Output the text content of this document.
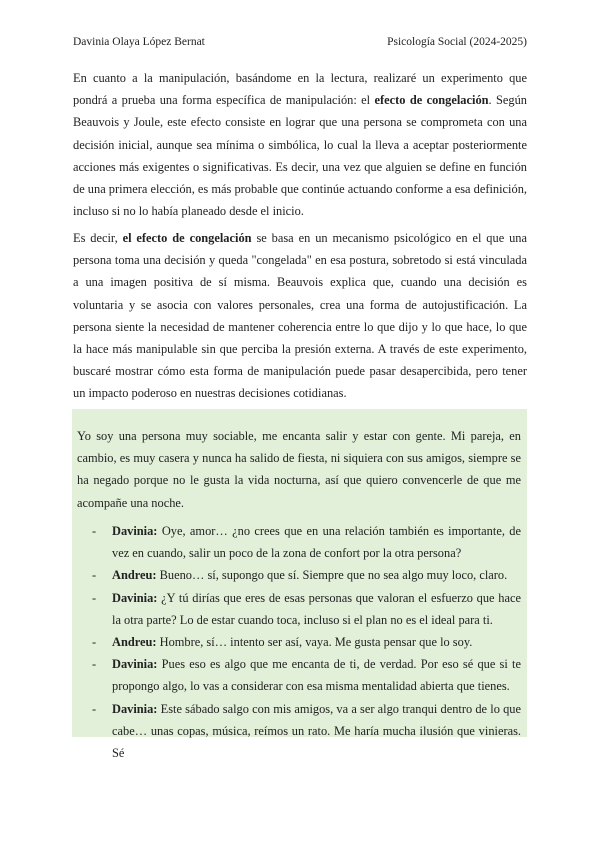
Davinia Olaya López Bernat	Psicología Social (2024-2025)

En cuanto a la manipulación, basándome en la lectura, realizaré un experimento que pondrá a prueba una forma específica de manipulación: el efecto de congelación. Según Beauvois y Joule, este efecto consiste en lograr que una persona se comprometa con una decisión inicial, aunque sea mínima o simbólica, lo cual la lleva a aceptar posteriormente acciones más exigentes o significativas. Es decir, una vez que alguien se define en función de una primera elección, es más probable que continúe actuando conforme a esa definición, incluso si no lo había planeado desde el inicio.

Es decir, el efecto de congelación se basa en un mecanismo psicológico en el que una persona toma una decisión y queda "congelada" en esa postura, sobretodo si está vinculada a una imagen positiva de sí misma. Beauvois explica que, cuando una decisión es voluntaria y se asocia con valores personales, crea una forma de autojustificación. La persona siente la necesidad de mantener coherencia entre lo que dijo y lo que hace, lo que la hace más manipulable sin que perciba la presión externa. A través de este experimento, buscaré mostrar cómo esta forma de manipulación puede pasar desapercibida, pero tener un impacto poderoso en nuestras decisiones cotidianas.

Yo soy una persona muy sociable, me encanta salir y estar con gente. Mi pareja, en cambio, es muy casera y nunca ha salido de fiesta, ni siquiera con sus amigos, siempre se ha negado porque no le gusta la vida nocturna, así que quiero convencerle de que me acompañe una noche.

- Davinia: Oye, amor… ¿no crees que en una relación también es importante, de vez en cuando, salir un poco de la zona de confort por la otra persona?
- Andreu: Bueno… sí, supongo que sí. Siempre que no sea algo muy loco, claro.
- Davinia: ¿Y tú dirías que eres de esas personas que valoran el esfuerzo que hace la otra parte? Lo de estar cuando toca, incluso si el plan no es el ideal para ti.
- Andreu: Hombre, sí… intento ser así, vaya. Me gusta pensar que lo soy.
- Davinia: Pues eso es algo que me encanta de ti, de verdad. Por eso sé que si te propongo algo, lo vas a considerar con esa misma mentalidad abierta que tienes.
- Davinia: Este sábado salgo con mis amigos, va a ser algo tranqui dentro de lo que cabe… unas copas, música, reímos un rato. Me haría mucha ilusión que vinieras. Sé
